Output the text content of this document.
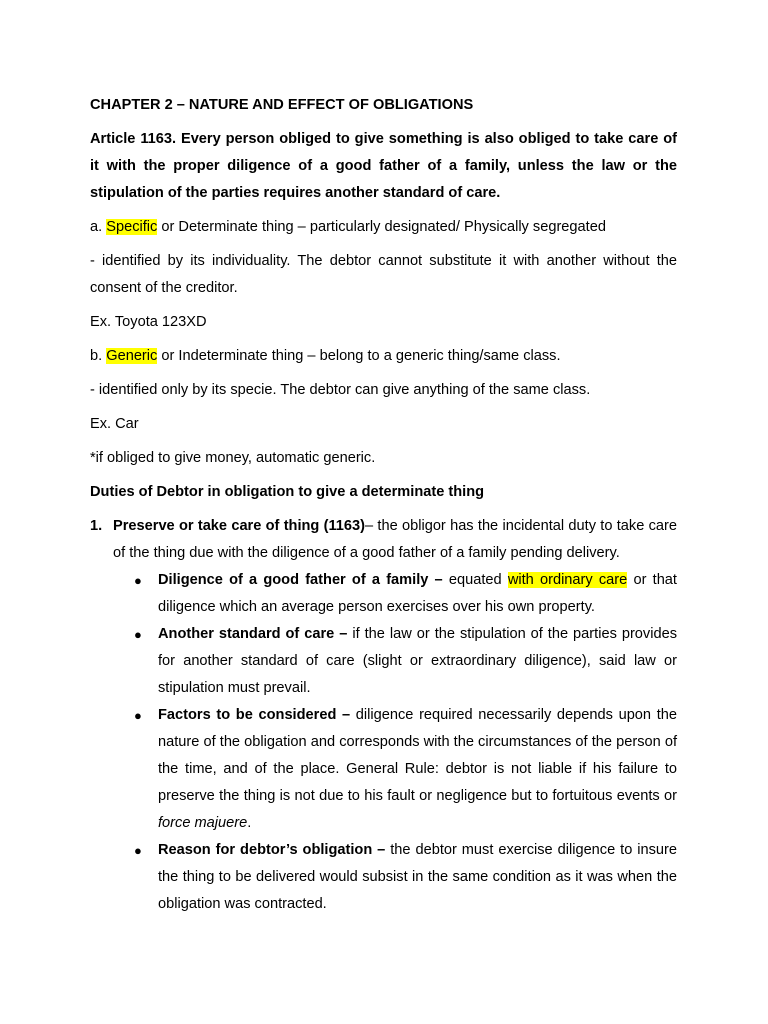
CHAPTER 2 – NATURE AND EFFECT OF OBLIGATIONS

Article 1163. Every person obliged to give something is also obliged to take care of it with the proper diligence of a good father of a family, unless the law or the stipulation of the parties requires another standard of care.

a. Specific or Determinate thing – particularly designated/ Physically segregated

- identified by its individuality. The debtor cannot substitute it with another without the consent of the creditor.

Ex. Toyota 123XD

b. Generic or Indeterminate thing – belong to a generic thing/same class.

- identified only by its specie. The debtor can give anything of the same class.

Ex. Car

*if obliged to give money, automatic generic.

Duties of Debtor in obligation to give a determinate thing

1. Preserve or take care of thing (1163)– the obligor has the incidental duty to take care of the thing due with the diligence of a good father of a family pending delivery.

● Diligence of a good father of a family – equated with ordinary care or that diligence which an average person exercises over his own property.
● Another standard of care – if the law or the stipulation of the parties provides for another standard of care (slight or extraordinary diligence), said law or stipulation must prevail.
● Factors to be considered – diligence required necessarily depends upon the nature of the obligation and corresponds with the circumstances of the person of the time, and of the place. General Rule: debtor is not liable if his failure to preserve the thing is not due to his fault or negligence but to fortuitous events or force majuere.
● Reason for debtor’s obligation – the debtor must exercise diligence to insure the thing to be delivered would subsist in the same condition as it was when the obligation was contracted.
